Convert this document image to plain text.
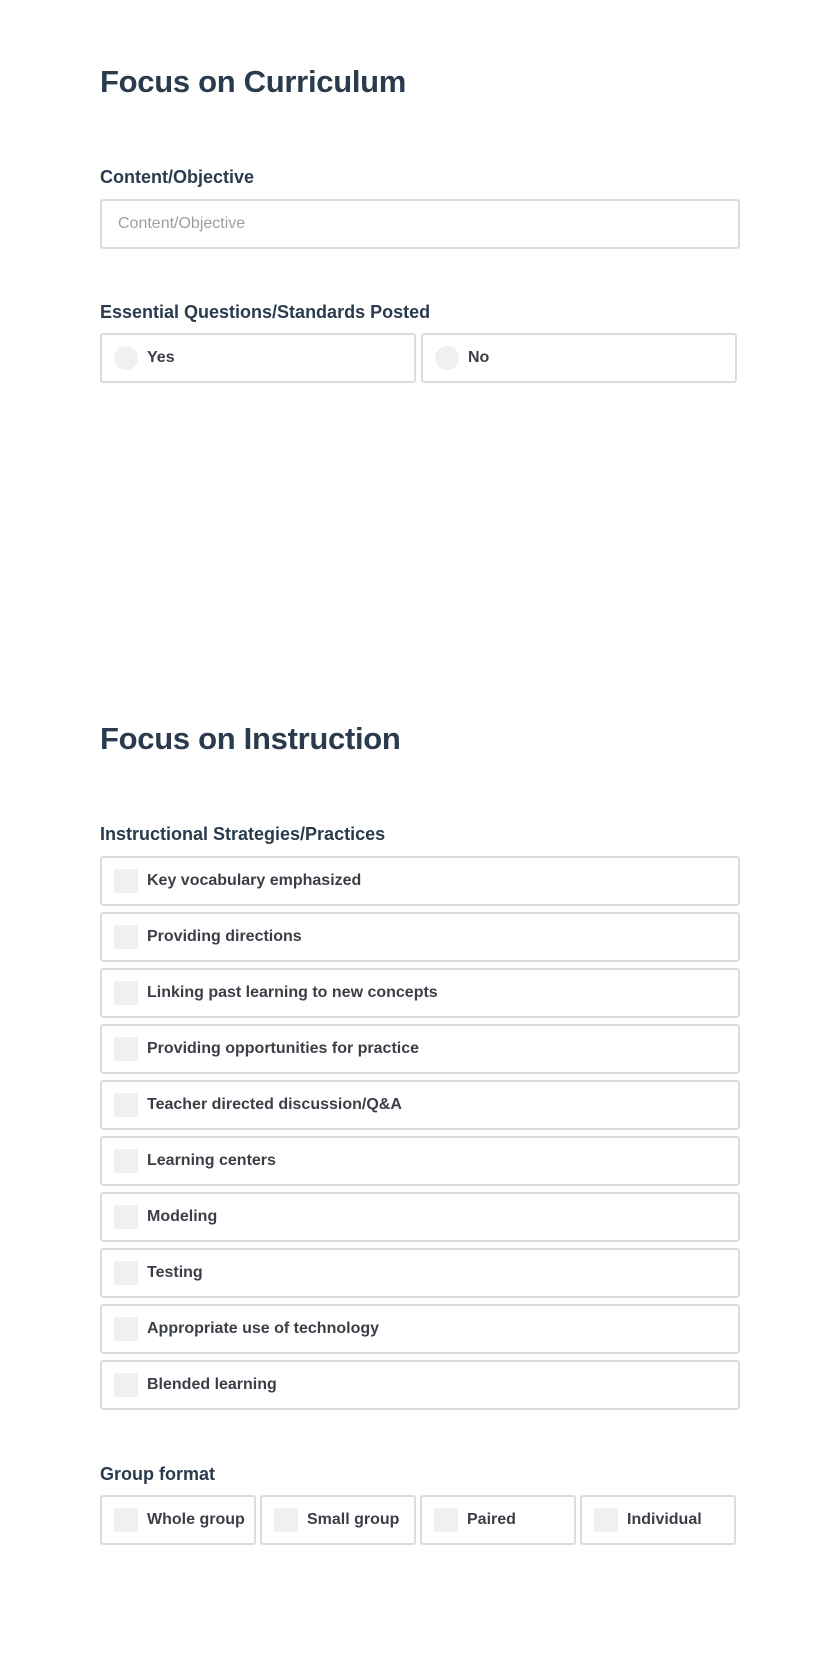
Focus on Curriculum
Content/Objective
Content/Objective
Essential Questions/Standards Posted
Yes	No
Focus on Instruction
Instructional Strategies/Practices
Key vocabulary emphasized
Providing directions
Linking past learning to new concepts
Providing opportunities for practice
Teacher directed discussion/Q&A
Learning centers
Modeling
Testing
Appropriate use of technology
Blended learning
Group format
Whole group	Small group	Paired	Individual
